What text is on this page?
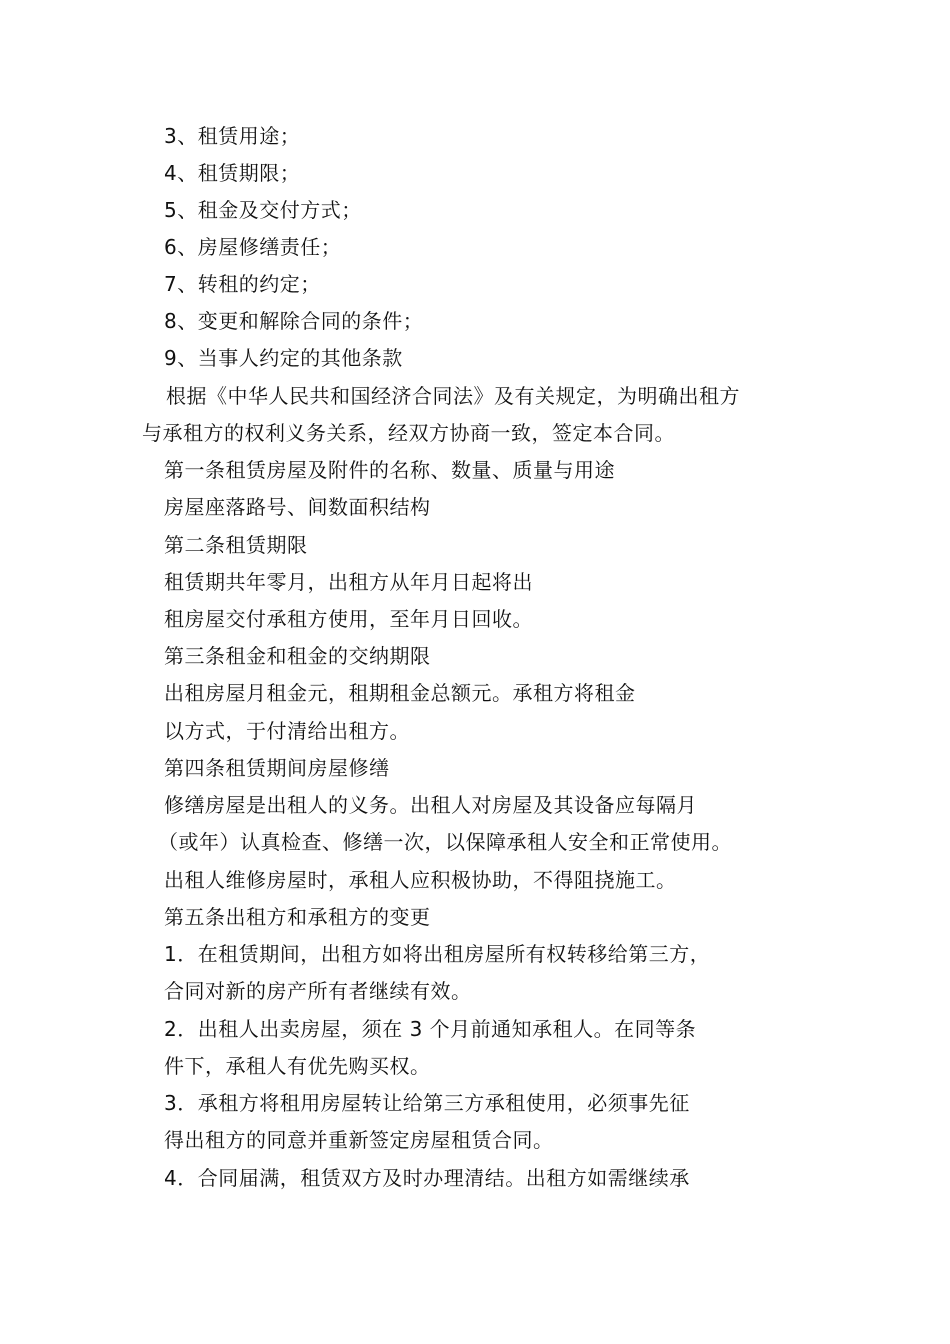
3、租赁用途；
4、租赁期限；
5、租金及交付方式；
6、房屋修缮责任；
7、转租的约定；
8、变更和解除合同的条件；
9、当事人约定的其他条款
根据《中华人民共和国经济合同法》及有关规定，为明确出租方
与承租方的权利义务关系，经双方协商一致，签定本合同。
第一条租赁房屋及附件的名称、数量、质量与用途
房屋座落路号、间数面积结构
第二条租赁期限
租赁期共年零月，出租方从年月日起将出
租房屋交付承租方使用，至年月日回收。
第三条租金和租金的交纳期限
出租房屋月租金元，租期租金总额元。承租方将租金
以方式，于付清给出租方。
第四条租赁期间房屋修缮
修缮房屋是出租人的义务。出租人对房屋及其设备应每隔月
（或年）认真检查、修缮一次，以保障承租人安全和正常使用。
出租人维修房屋时，承租人应积极协助，不得阻挠施工。
第五条出租方和承租方的变更
1．在租赁期间，出租方如将出租房屋所有权转移给第三方，
合同对新的房产所有者继续有效。
2．出租人出卖房屋，须在 3 个月前通知承租人。在同等条
件下，承租人有优先购买权。
3．承租方将租用房屋转让给第三方承租使用，必须事先征
得出租方的同意并重新签定房屋租赁合同。
4．合同届满，租赁双方及时办理清结。出租方如需继续承
